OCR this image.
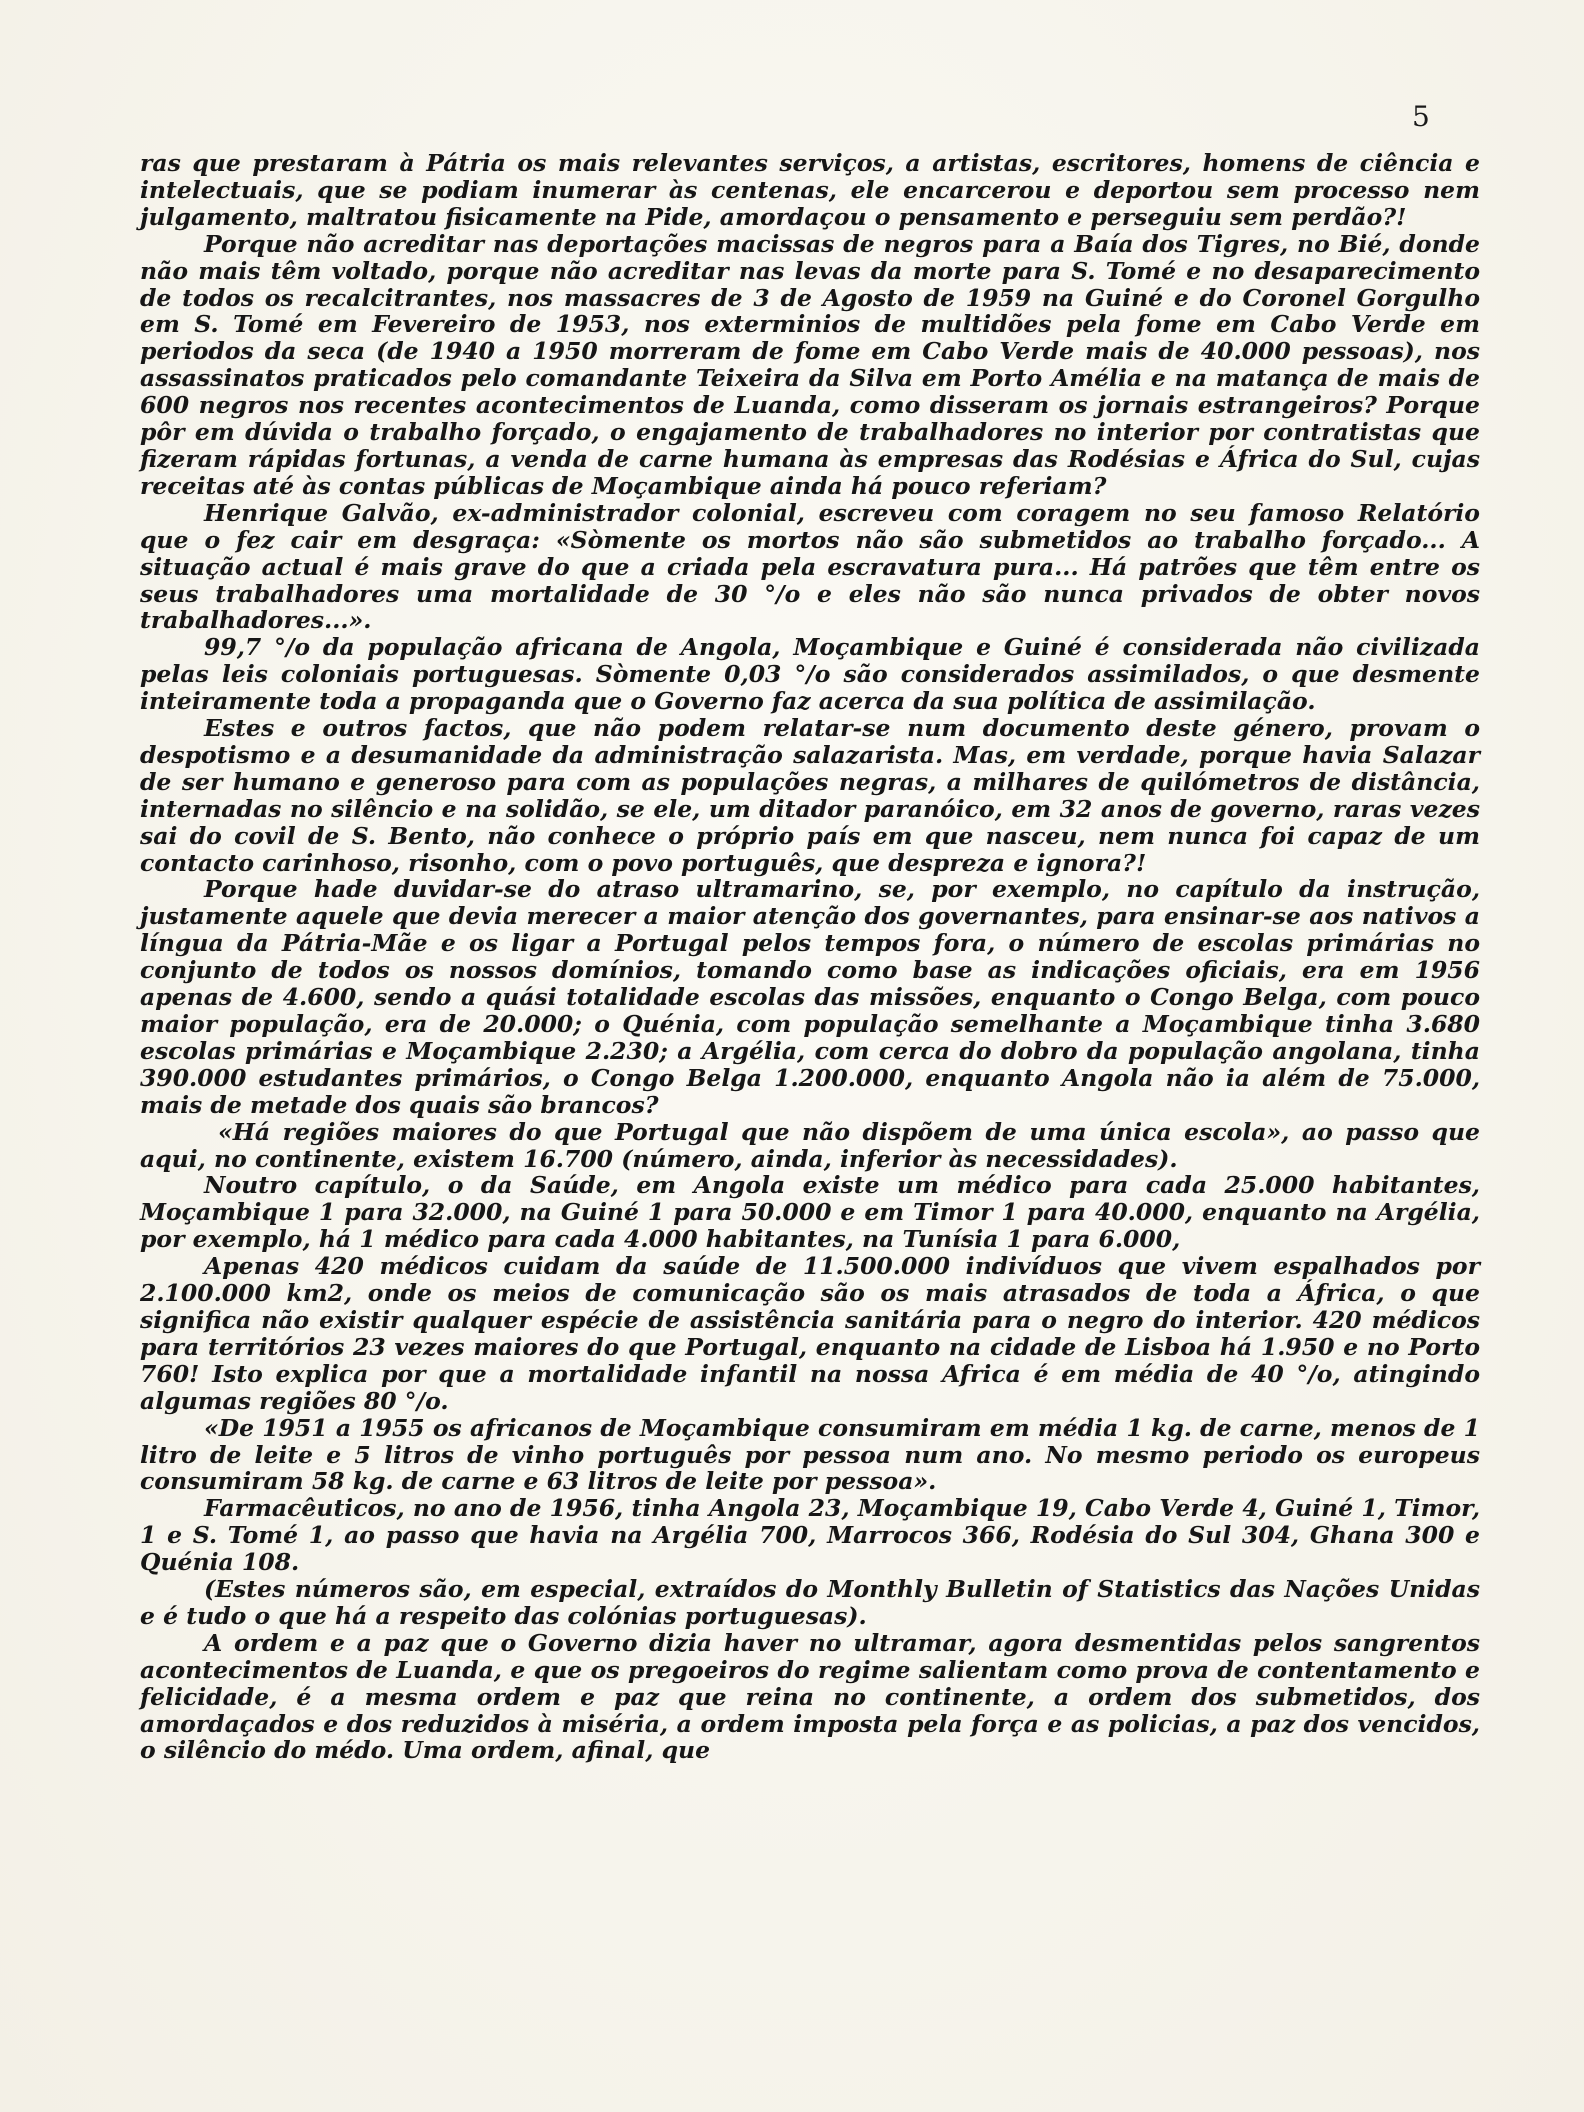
5

ras que prestaram à Pátria os mais relevantes serviços, a artistas, escritores, homens de ciência e intelectuais, que se podiam inumerar às centenas, ele encarcerou e deportou sem processo nem julgamento, maltratou fisicamente na Pide, amordaçou o pensamento e perseguiu sem perdão?!

Porque não acreditar nas deportações macissas de negros para a Baía dos Tigres, no Bié, donde não mais têm voltado, porque não acreditar nas levas da morte para S. Tomé e no desaparecimento de todos os recalcitrantes, nos massacres de 3 de Agosto de 1959 na Guiné e do Coronel Gorgulho em S. Tomé em Fevereiro de 1953, nos exterminios de multidões pela fome em Cabo Verde em periodos da seca (de 1940 a 1950 morreram de fome em Cabo Verde mais de 40.000 pessoas), nos assassinatos praticados pelo comandante Teixeira da Silva em Porto Amélia e na matança de mais de 600 negros nos recentes acontecimentos de Luanda, como disseram os jornais estrangeiros? Porque pôr em dúvida o trabalho forçado, o engajamento de trabalhadores no interior por contratistas que fizeram rápidas fortunas, a venda de carne humana às empresas das Rodésias e África do Sul, cujas receitas até às contas públicas de Moçambique ainda há pouco referiam?

Henrique Galvão, ex-administrador colonial, escreveu com coragem no seu famoso Relatório que o fez cair em desgraça: «Sòmente os mortos não são submetidos ao trabalho forçado... A situação actual é mais grave do que a criada pela escravatura pura... Há patrões que têm entre os seus trabalhadores uma mortalidade de 30 °/o e eles não são nunca privados de obter novos trabalhadores...».

99,7 °/o da população africana de Angola, Moçambique e Guiné é considerada não civilizada pelas leis coloniais portuguesas. Sòmente 0,03 °/o são considerados assimilados, o que desmente inteiramente toda a propaganda que o Governo faz acerca da sua política de assimilação.

Estes e outros factos, que não podem relatar-se num documento deste género, provam o despotismo e a desumanidade da administração salazarista. Mas, em verdade, porque havia Salazar de ser humano e generoso para com as populações negras, a milhares de quilómetros de distância, internadas no silêncio e na solidão, se ele, um ditador paranóico, em 32 anos de governo, raras vezes sai do covil de S. Bento, não conhece o próprio país em que nasceu, nem nunca foi capaz de um contacto carinhoso, risonho, com o povo português, que despreza e ignora?!

Porque hade duvidar-se do atraso ultramarino, se, por exemplo, no capítulo da instrução, justamente aquele que devia merecer a maior atenção dos governantes, para ensinar-se aos nativos a língua da Pátria-Mãe e os ligar a Portugal pelos tempos fora, o número de escolas primárias no conjunto de todos os nossos domínios, tomando como base as indicações oficiais, era em 1956 apenas de 4.600, sendo a quási totalidade escolas das missões, enquanto o Congo Belga, com pouco maior população, era de 20.000; o Quénia, com população semelhante a Moçambique tinha 3.680 escolas primárias e Moçambique 2.230; a Argélia, com cerca do dobro da população angolana, tinha 390.000 estudantes primários, o Congo Belga 1.200.000, enquanto Angola não ia além de 75.000, mais de metade dos quais são brancos?

«Há regiões maiores do que Portugal que não dispõem de uma única escola», ao passo que aqui, no continente, existem 16.700 (número, ainda, inferior às necessidades).

Noutro capítulo, o da Saúde, em Angola existe um médico para cada 25.000 habitantes, Moçambique 1 para 32.000, na Guiné 1 para 50.000 e em Timor 1 para 40.000, enquanto na Argélia, por exemplo, há 1 médico para cada 4.000 habitantes, na Tunísia 1 para 6.000,

Apenas 420 médicos cuidam da saúde de 11.500.000 indivíduos que vivem espalhados por 2.100.000 km2, onde os meios de comunicação são os mais atrasados de toda a África, o que significa não existir qualquer espécie de assistência sanitária para o negro do interior. 420 médicos para territórios 23 vezes maiores do que Portugal, enquanto na cidade de Lisboa há 1.950 e no Porto 760! Isto explica por que a mortalidade infantil na nossa Africa é em média de 40 °/o, atingindo algumas regiões 80 °/o.

«De 1951 a 1955 os africanos de Moçambique consumiram em média 1 kg. de carne, menos de 1 litro de leite e 5 litros de vinho português por pessoa num ano. No mesmo periodo os europeus consumiram 58 kg. de carne e 63 litros de leite por pessoa».

Farmacêuticos, no ano de 1956, tinha Angola 23, Moçambique 19, Cabo Verde 4, Guiné 1, Timor, 1 e S. Tomé 1, ao passo que havia na Argélia 700, Marrocos 366, Rodésia do Sul 304, Ghana 300 e Quénia 108.

(Estes números são, em especial, extraídos do Monthly Bulletin of Statistics das Nações Unidas e é tudo o que há a respeito das colónias portuguesas).

A ordem e a paz que o Governo dizia haver no ultramar, agora desmentidas pelos sangrentos acontecimentos de Luanda, e que os pregoeiros do regime salientam como prova de contentamento e felicidade, é a mesma ordem e paz que reina no continente, a ordem dos submetidos, dos amordaçados e dos reduzidos à miséria, a ordem imposta pela força e as policias, a paz dos vencidos, o silêncio do médo. Uma ordem, afinal, que
